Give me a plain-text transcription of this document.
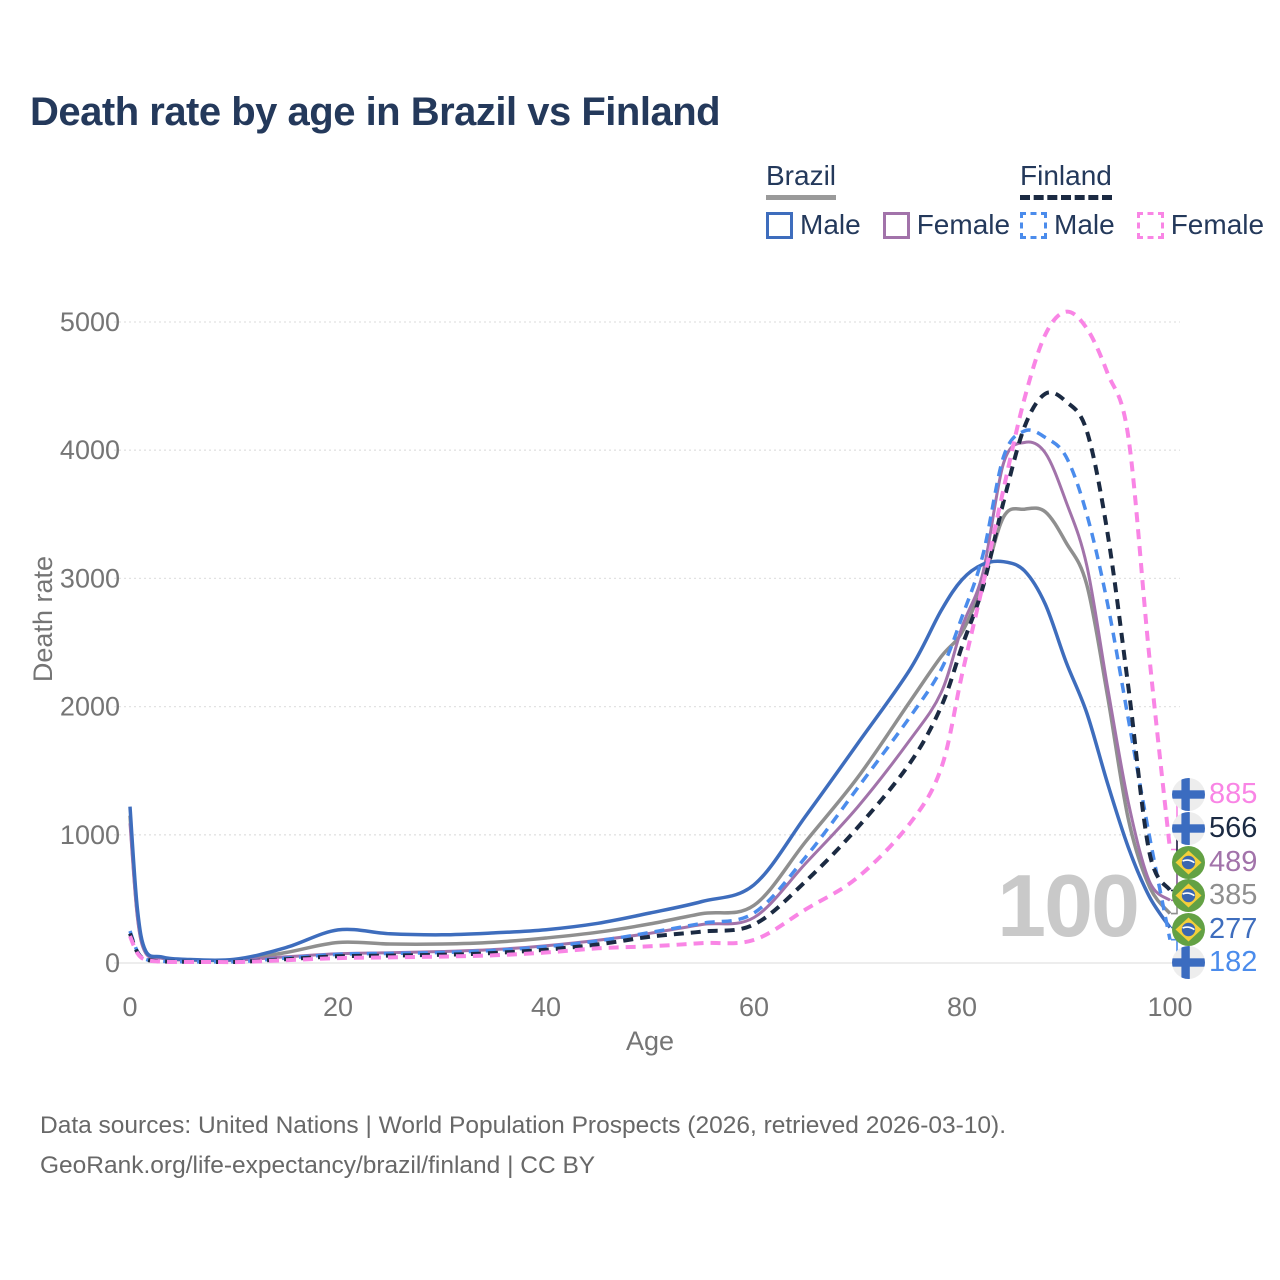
Death rate by age in Brazil vs Finland
Brazil
Male Female
Finland
Male Female
Death rate
Age
100
0
1000
2000
3000
4000
5000
0	20	40	60	80	100
885
566
489
385
277
182
Data sources: United Nations | World Population Prospects (2026, retrieved 2026-03-10).
GeoRank.org/life-expectancy/brazil/finland | CC BY
